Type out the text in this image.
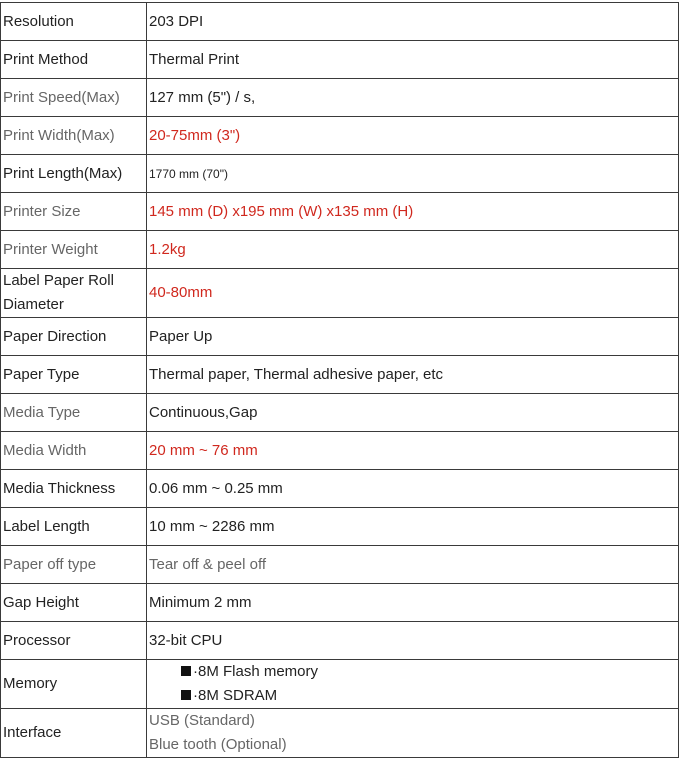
Resolution	203 DPI
Print Method	Thermal Print
Print Speed(Max)	127 mm (5") / s,
Print Width(Max)	20-75mm (3")
Print Length(Max)	1770 mm (70")
Printer Size	145 mm (D) x195 mm (W) x135 mm (H)
Printer Weight	1.2kg
Label Paper Roll Diameter	40-80mm
Paper Direction	Paper Up
Paper Type	Thermal paper, Thermal adhesive paper, etc
Media Type	Continuous,Gap
Media Width	20 mm ~ 76 mm
Media Thickness	0.06 mm ~ 0.25 mm
Label Length	10 mm ~ 2286 mm
Paper off type	Tear off & peel off
Gap Height	Minimum 2 mm
Processor	32-bit CPU
Memory	·8M Flash memory
·8M SDRAM

Interface	USB (Standard)
Blue tooth (Optional)
